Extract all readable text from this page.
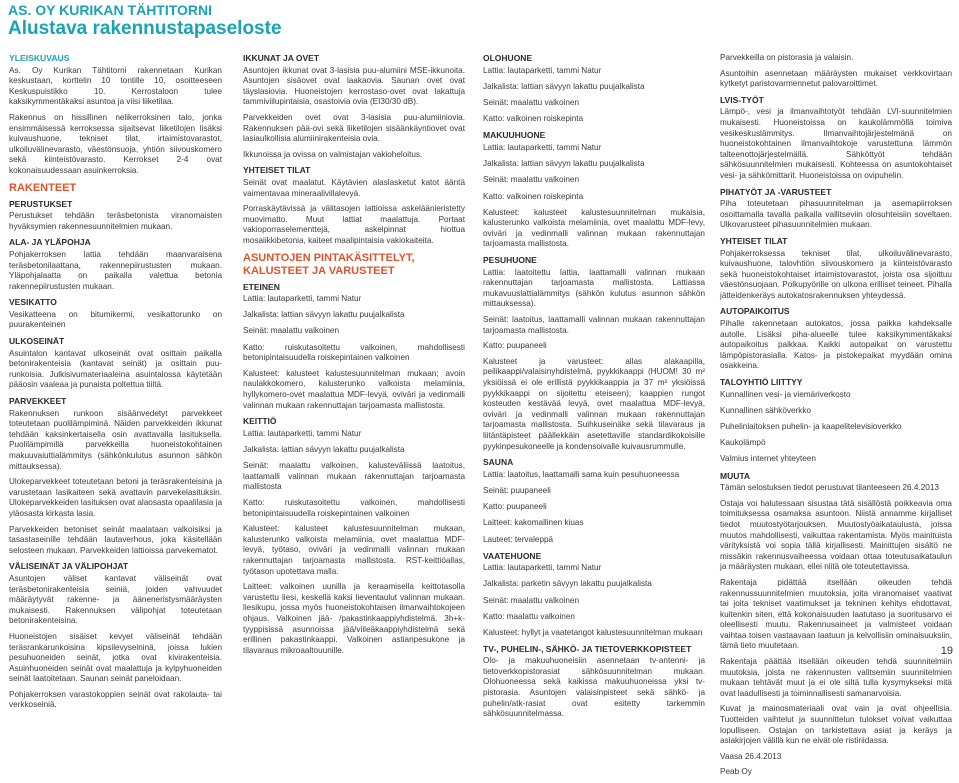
AS. OY KURIKAN TÄHTITORNI
Alustava rakennustapaseloste
YLEISKUVAUS

As. Oy Kurikan Tähtitorni rakennetaan Kurikan keskustaan, korttelin 10 tontille 10, osoitteeseen Keskuspuistikko 10. Kerrostaloon tulee kaksikymmentäkaksi asuntoa ja viisi liiketilaa.

Rakennus on hissillinen nelikerroksinen talo, jonka ensimmäisessä kerroksessa sijaitsevat liiketilojen lisäksi kuivaushuone, tekniset tilat, irtaimistovarastot, ulkoiluvälinevarasto, väestönsuoja, yhtiön siivouskomero sekä kiinteistövarasto. Kerrokset 2-4 ovat kokonaisuudessaan asuinkerroksia.

RAKENTEET
PERUSTUKSET

Perustukset tehdään teräsbetonista viranomaisten hyväksymien rakennesuunnitelmien mukaan.

ALA- JA YLÄPOHJA

Pohjakerroksen lattia tehdään maanvaraisena teräsbetonilaattana, rakennepiirustusten mukaan. Yläpohjalaatta on paikalla valettua betonia rakennepiirustusten mukaan.

VESIKATTO

Vesikatteena on bitumikermi, vesikattorunko on puurakenteinen

ULKOSEINÄT

Asuintalon kantavat ulkoseinät ovat osittain paikalla betonirakenteisia (kantavat seinät) ja osittain puu-runkoisia. Julkisivumateriaaleina asuintalossa käytetään pääosin vaaleaa ja punaista poltettua tiiltä.

PARVEKKEET

Rakennuksen runkoon sisäänvedetyt parvekkeet toteutetaan puolilämpiminä. Näiden parvekkeiden ikkunat tehdään kaksinkertaisella osin avattavalla lasituksella. Puolilämpimillä parvekkeilla huoneistokohtainen makuuvaiuttialämmitys (sähkönkulutus asunnon sähkön mittauksessa).

Ulokeparvekkeet toteutetaan betoni ja teräsrakenteisina ja varustetaan lasikaiteen sekä avattavin parvekelasituksin. Ulokeparvekkeiden lasituksen ovat alaosasta opaalilasia ja yläosasta kirkasta lasia.

Parvekkeiden betoniset seinät maalataan valkoisiksi ja tasastaseinille tehdään lautaverhous, joka käsitellään selosteen mukaan. Parvekkeiden lattioissa parvekematot.

VÄLISEINÄT JA VÄLIPOHJAT

Asuntojen väliset kantavat väliseinät ovat teräsbetonirakenteisia seiniä, joiden vahvuudet määräytyvät rakenne- ja ääneneristysmääräysten mukaisesti. Rakennuksen välipohjat toteutetaan betonirakenteisina.

Huoneistojen sisäiset kevyet väliseinät tehdään teräsrankarunkoisina kipsilevyseininä, joissa lukien pesuhuoneiden seinät, jotka ovat kivirakenteisia. Asuinhuoneiden seinät ovat maalattuja ja kylpyhuoneiden seinät laatoitetaan. Saunan seinät paneloidaan.

Pohjakerroksen varastokoppien seinät ovat rakolauta- tai verkkoseiniä.

IKKUNAT JA OVET

Asuntojen ikkunat ovat 3-lasisia puu-alumiini MSE-ikkunoita. Asuntojen sisäovet ovat laakaovia. Saunan ovet ovat täyslasiovia. Huoneistojen kerrostaso-ovet ovat lakattuja tammiviilupintaisia, osastoivia ovia (EI30/30 dB).

Parvekkeiden ovet ovat 3-lasisia puu-alumiiniovia. Rakennuksen pää-ovi sekä liiketilojen sisäänkäyntiovet ovat lasiaulkollisia alumiinirakenteisia ovia.

Ikkunoissa ja ovissa on valmistajan vakioheloitus.

YHTEISET TILAT

Seinät ovat maalatut. Käytävien alaslasketut katot ääntä vaimentavaa mineraalivillalevyä.

Porraskäytävissä ja välitasojen lattioissa askeläänieristetty muovimatto. Muut lattiat maalattuja. Portaat vakioporraselementtejä, askelpinnat hiottua mosaiikkibetonia, kaiteet maalipintaisia vakiokaiteita.

ASUNTOJEN PINTAKÄSITTELYT,
KALUSTEET JA VARUSTEET
ETEINEN
Lattia: lautaparketti, tammi Natur
Jalkalista: lattian sävyyn lakattu puujalkalista
Seinät: maalattu valkoinen

Katto: ruiskutasoitettu valkoinen, mahdollisesti betonipintaisuudella roiskepintainen valkoinen

Kalusteet: kalusteet kalustesuunnitelman mukaan; avoin naulakkokomero, kalusterunko valkoista melamiinia, hyllykomero-ovet maalattua MDF-levyä, oviväri ja vedinmalli valinnan mukaan rakennuttajan tarjoamasta mallistosta.

KEITTIÖ
Lattia: lautaparketti, tammi Natur
Jalkalista: lattian sävyyn lakattu puujalkalista

Seinät: maalattu valkoinen, kalusteväliissä laatoitus, laattamalli valinnan mukaan rakennuttajan tarjoamasta mallistosta

Katto: ruiskutasoitettu valkoinen, mahdollisesti betonipintaisuudella roiskepintainen valkoinen

Kalusteet: kalusteet kalustesuunnitelman mukaan, kalusterunko valkoista melamiinia, ovet maalattua MDF-levyä, työtaso, oviväri ja vedinmalli valinnan mukaan rakennuttajan tarjoamasta mallistosta. RST-keittiöallas, työtason upotettava malla.

Laitteet: valkoinen uunilla ja keraamisella keittotasolla varustettu liesi, keskellä kaksi lieventaulut valinnan mukaan. liesikupu, jossa myös huoneistokohtaisen ilmanvaihtokojeen ohjaus. Valkoinen jää- /pakastinkaappiyhdistelmä. 3h+k-tyyppisissä asunnoissa jää/viileäkaappiyhdistelmä sekä erillinen pakastinkaappi. Valkoinen astianpesukone ja tilavaraus mikroaaltouunille.

OLOHUONE
Lattia: lautaparketti, tammi Natur
Jalkalista: lattian sävyyn lakattu puujalkalista
Seinät: maalattu valkoinen
Katto: valkoinen roiskepinta
MAKUUHUONE
Lattia: lautaparketti, tammi Natur
Jalkalista: lattian sävyyn lakattu puujalkalista
Seinät: maalattu valkoinen
Katto: valkoinen roiskepinta

Kalusteet: kalusteet kalustesuunnitelman mukaisia, kalusterunko valkoista melamiinia, ovet maalattu MDF-levy, oviväri ja vedinmalli valinnan mukaan rakennuttajan tarjoamasta mallistosta.

PESUHUONE

Lattia: laatoitettu lattia, laattamalli valinnan mukaan rakennuttajan tarjoamasta mallistosta. Lattiassa mukavuuslattialämmitys (sähkön kulutus asunnon sähkön mittauksessa).

Seinät: laatoitus, laattamalli valinnan mukaan rakennuttajan tarjoamasta mallistosta.

Katto: puupaneeli

Kalusteet ja varusteet: allas alakaapilla, peilikaappi/valaisinyhdistelmä, pyykkikaappi (HUOM! 30 m² yksiöissä ei ole erillistä pyykkikaappia ja 37 m² yksiöissä pyykkikaappi on sijoitettu eteiseen); kaappien rungot kosteuden kestävää levyä, ovet maalattua MDF-levyä, oviväri ja vedinmalli valinnan mukaan rakennuttajan tarjoamasta mallistosta. Suihkuseinäke sekä tilavaraus ja liitäntäpisteet päällekkäin asetettaville standardikokoisille pyykinpesukoneelle ja kondensoivalle kuivausrummulle.

SAUNA
Lattia: laatoitus, laattamalli sama kuin pesuhuoneessa
Seinät: puupaneeli
Katto: puupaneeli
Laitteet: kakomallinen kiuas
Lauteet: tervaleppä
VAATEHUONE
Lattia: lautaparketti, tammi Natur
Jalkalista: parketin sävyyn lakattu puujalkalista
Seinät: maalattu valkoinen
Katto: maalattu valkoinen

Kalusteet: hyllyt ja vaatetangot kalustesuunnitelman mukaan

TV-, PUHELIN-, SÄHKÖ- JA TIETOVERKKOPISTEET

Olo- ja makuuhuoneisiin asennetaan tv-antenni- ja tietoverkkopistorasiat sähkösuunnitelman mukaan. Olohuoneessa sekä kaikissa makuuhuoneissa yksi tv-pistorasia. Asuntojen valaisinpisteet sekä sähkö- ja puhelin/atk-rasiat ovat esitetty tarkemmin sähkösuunnitelmassa.

Parvekkeilla on pistorasia ja valaisin.

Asuntoihin asennetaan määräysten mukaiset verkkovirtaan kytketyt paristovarmennetut palovaroittimet.

LVIS-TYÖT

Lämpö-, vesi ja ilmanvaihtotyöt tehdään LVI-suunnitelmien mukaisesti. Huoneistoissa on kaukolämmöllä toimiva vesikeskuslämmitys. Ilmanvaihtojärjestelmänä on huoneistokohtainen ilmanvaihtokoje varustettuna lämmön talteenottojärjestelmällä. Sähköttyöt tehdään sähkösuunnitelmien mukaisesti. Kohteessa on asuntokohtaiset vesi- ja sähkömittarit. Huoneistoissa on ovipuhelin.

PIHATYÖT JA -VARUSTEET

Piha toteutetaan pihasuunnitelman ja asemapiirroksen osoittamalla tavalla paikalla vallitseviin olosuhteisiin soveltaen. Ulkovarusteet pihasuunnitelmien mukaan.

YHTEISET TILAT

Pohjakerroksessa tekniset tilat, ulkoiluvälinevarasto, kuivaushuone, talovhtiön siivouskomero ja kiinteistövarasto sekä huoneistokohtaiset irtaimistovarastot, joista osa sijoittuu väestönsuojaan. Polkupyörille on ulkona erilliset teineet. Pihalla jätteidenkeräys autokatosrakennuksen yhteydessä.

AUTOPAIKOITUS

Pihalle rakennetaan autokatos, jossa paikka kahdeksalle autolle. Lisäksi piha-alueelle tulee kaksikymmentäkaksi autopaikoitus paikkaa. Kaikki autopaikat on varustettu lämpöpistorasialla. Katos- ja pistokepaikat myydään omina osakkeina.

TALOYHTIÖ LIITTYY
Kunnallinen vesi- ja viemäriverkosto
Kunnallinen sähköverkko
Puhelinlaitoksen puhelin- ja kaapelitelevisioverkko
Kaukolämpö
Valmius internet yhteyteen
MUUTA

Tämän selostuksen tiedot perustuvat tilanteeseen 26.4.2013

Ostaja voi halutessaan sisustaa tätä sisällöstä poikkeavia oma toimituksessa osamaksa asuntoon. Niistä annamme kirjalliset tiedot muutostyötarjouksen. Muutostyöaikataulusta, joissa muutos mahdollisesti, vaikuttaa rakentamista. Myös mainituista värityksistä voi sopia tällä kirjallisesti. Mainittujen sisältö ne missäkin rakennusvaiheessa voidaan ottaa toteutusaikataulun ja määräysten mukaan, ellei niitä ole toteutettavissa.

Rakentaja pidättää itsellään oikeuden tehdä rakennussuunnitelmien muutoksia, joita viranomaiset vaativat tai joita tekniset vaatimukset ja tekninen kehitys ehdottavat, kuitenkin siten, että kokonaisuuden laatutaso ja suoritusarvo ei oleellisesti muutu. Rakennusaineet ja valmisteet voidaan vaihtaa toisen vastaavaan laatuun ja kelvollisiin ominaisuuksiin, tämä tieto muutetaan.

Rakentaja päättää itsellään oikeuden tehdä suunnitelmiin muutoksia, joista ne rakennusten valitsemiin suunnitelmien mukaan tehtävät muut ja ei ole siltä tulla kysymykseksi mitä ovat laadullisesti ja toiminnallisesti samanarvoisia.

Kuvat ja mainosmateriaali ovat vain ja ovat ohjeellisia. Tuotteiden vaihtelut ja suunnittelun tulokset voivat vaikuttaa lopulliseen. Ostajan on tarkistettava asiat ja keräys ja asiakirjojen välillä kun ne eivät ole ristiriidassa.

Vaasa 26.4.2013

Peab Oy

19
